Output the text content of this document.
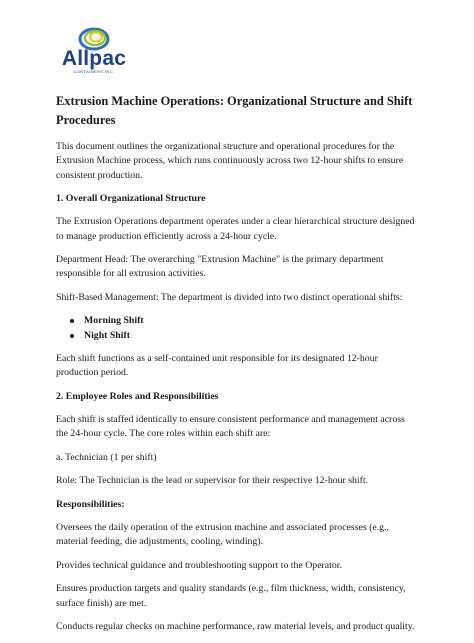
Allpac
CONTAINERS INC.
Extrusion Machine Operations: Organizational Structure and Shift Procedures

This document outlines the organizational structure and operational procedures for the Extrusion Machine process, which runs continuously across two 12-hour shifts to ensure consistent production.

1. Overall Organizational Structure

The Extrusion Operations department operates under a clear hierarchical structure designed to manage production efficiently across a 24-hour cycle.

Department Head: The overarching "Extrusion Machine" is the primary department responsible for all extrusion activities.

Shift-Based Management: The department is divided into two distinct operational shifts:

Morning Shift
Night Shift

Each shift functions as a self-contained unit responsible for its designated 12-hour production period.

2. Employee Roles and Responsibilities

Each shift is staffed identically to ensure consistent performance and management across the 24-hour cycle. The core roles within each shift are:

a. Technician (1 per shift)

Role: The Technician is the lead or supervisor for their respective 12-hour shift.

Responsibilities:

Oversees the daily operation of the extrusion machine and associated processes (e.g., material feeding, die adjustments, cooling, winding).

Provides technical guidance and troubleshooting support to the Operator.

Ensures production targets and quality standards (e.g., film thickness, width, consistency, surface finish) are met.

Conducts regular checks on machine performance, raw material levels, and product quality.
